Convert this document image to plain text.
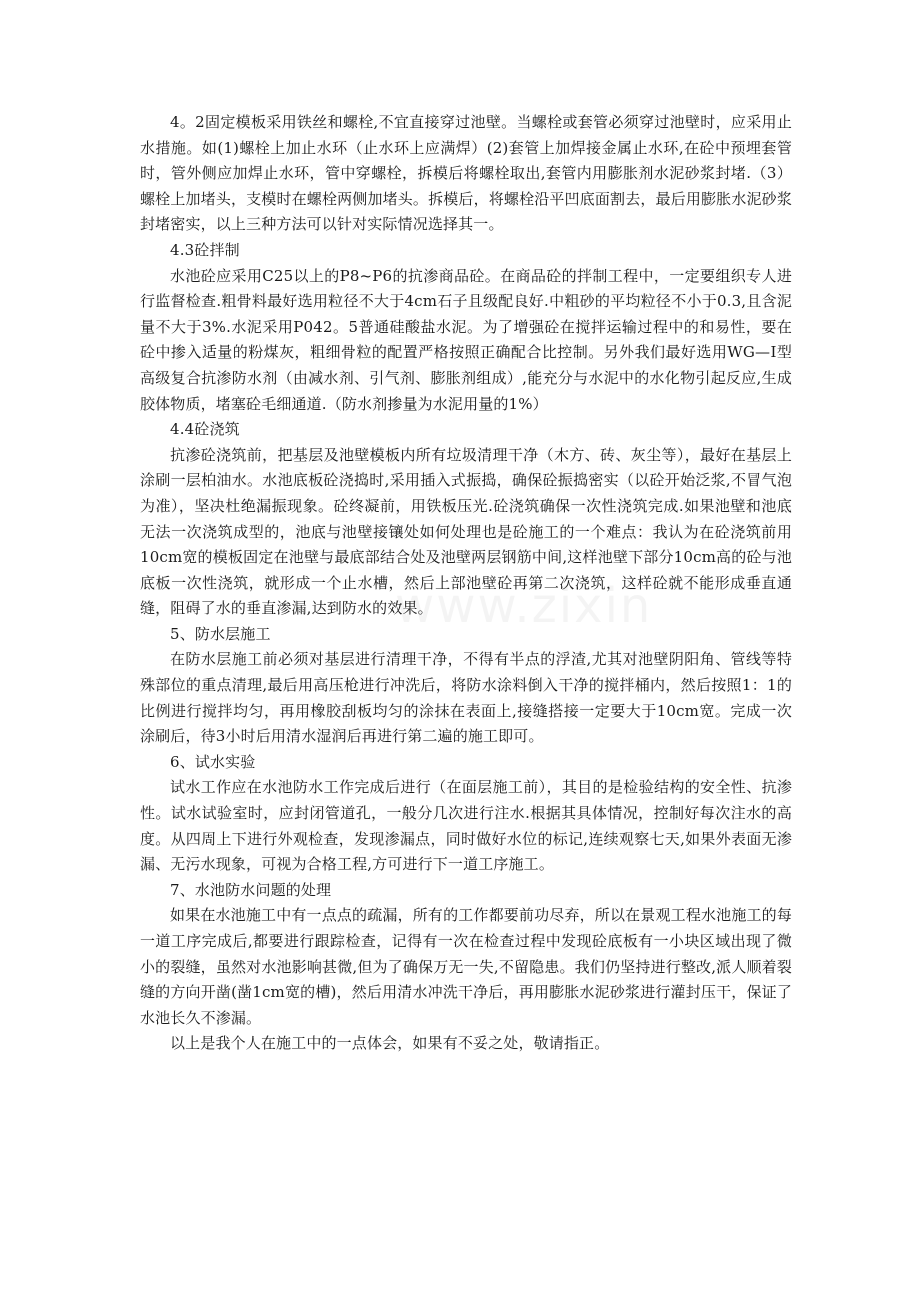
4。2固定模板采用铁丝和螺栓,不宜直接穿过池壁。当螺栓或套管必须穿过池壁时，应采用止水措施。如(1)螺栓上加止水环（止水环上应满焊）(2)套管上加焊接金属止水环,在砼中预埋套管时，管外侧应加焊止水环，管中穿螺栓，拆模后将螺栓取出,套管内用膨胀剂水泥砂浆封堵.（3）螺栓上加堵头，支模时在螺栓两侧加堵头。拆模后，将螺栓沿平凹底面割去，最后用膨胀水泥砂浆封堵密实，以上三种方法可以针对实际情况选择其一。

4.3砼拌制

水池砼应采用C25以上的P8~P6的抗渗商品砼。在商品砼的拌制工程中，一定要组织专人进行监督检查.粗骨料最好选用粒径不大于4cm石子且级配良好.中粗砂的平均粒径不小于0.3,且含泥量不大于3%.水泥采用P042。5普通硅酸盐水泥。为了增强砼在搅拌运输过程中的和易性，要在砼中掺入适量的粉煤灰，粗细骨粒的配置严格按照正确配合比控制。另外我们最好选用WG—Ⅰ型高级复合抗渗防水剂（由减水剂、引气剂、膨胀剂组成）,能充分与水泥中的水化物引起反应,生成胶体物质，堵塞砼毛细通道.（防水剂掺量为水泥用量的1%）

4.4砼浇筑

抗渗砼浇筑前，把基层及池壁模板内所有垃圾清理干净（木方、砖、灰尘等），最好在基层上涂刷一层柏油水。水池底板砼浇捣时,采用插入式振捣，确保砼振捣密实（以砼开始泛浆,不冒气泡为准），坚决杜绝漏振现象。砼终凝前，用铁板压光.砼浇筑确保一次性浇筑完成.如果池壁和池底无法一次浇筑成型的，池底与池壁接镶处如何处理也是砼施工的一个难点：我认为在砼浇筑前用10cm宽的模板固定在池壁与最底部结合处及池壁两层钢筋中间,这样池壁下部分10cm高的砼与池底板一次性浇筑，就形成一个止水槽，然后上部池壁砼再第二次浇筑，这样砼就不能形成垂直通缝，阻碍了水的垂直渗漏,达到防水的效果。

5、防水层施工

在防水层施工前必须对基层进行清理干净，不得有半点的浮渣,尤其对池壁阴阳角、管线等特殊部位的重点清理,最后用高压枪进行冲洗后，将防水涂料倒入干净的搅拌桶内，然后按照1：1的比例进行搅拌均匀，再用橡胶刮板均匀的涂抹在表面上,接缝搭接一定要大于10cm宽。完成一次涂刷后，待3小时后用清水湿润后再进行第二遍的施工即可。

6、试水实验

试水工作应在水池防水工作完成后进行（在面层施工前），其目的是检验结构的安全性、抗渗性。试水试验室时，应封闭管道孔，一般分几次进行注水.根据其具体情况，控制好每次注水的高度。从四周上下进行外观检查，发现渗漏点，同时做好水位的标记,连续观察七天,如果外表面无渗漏、无污水现象，可视为合格工程,方可进行下一道工序施工。

7、水池防水问题的处理

如果在水池施工中有一点点的疏漏，所有的工作都要前功尽弃，所以在景观工程水池施工的每一道工序完成后,都要进行跟踪检查，记得有一次在检查过程中发现砼底板有一小块区域出现了微小的裂缝，虽然对水池影响甚微,但为了确保万无一失,不留隐患。我们仍坚持进行整改,派人顺着裂缝的方向开凿(凿1cm宽的槽)，然后用清水冲洗干净后，再用膨胀水泥砂浆进行灌封压干，保证了水池长久不渗漏。

以上是我个人在施工中的一点体会，如果有不妥之处，敬请指正。
